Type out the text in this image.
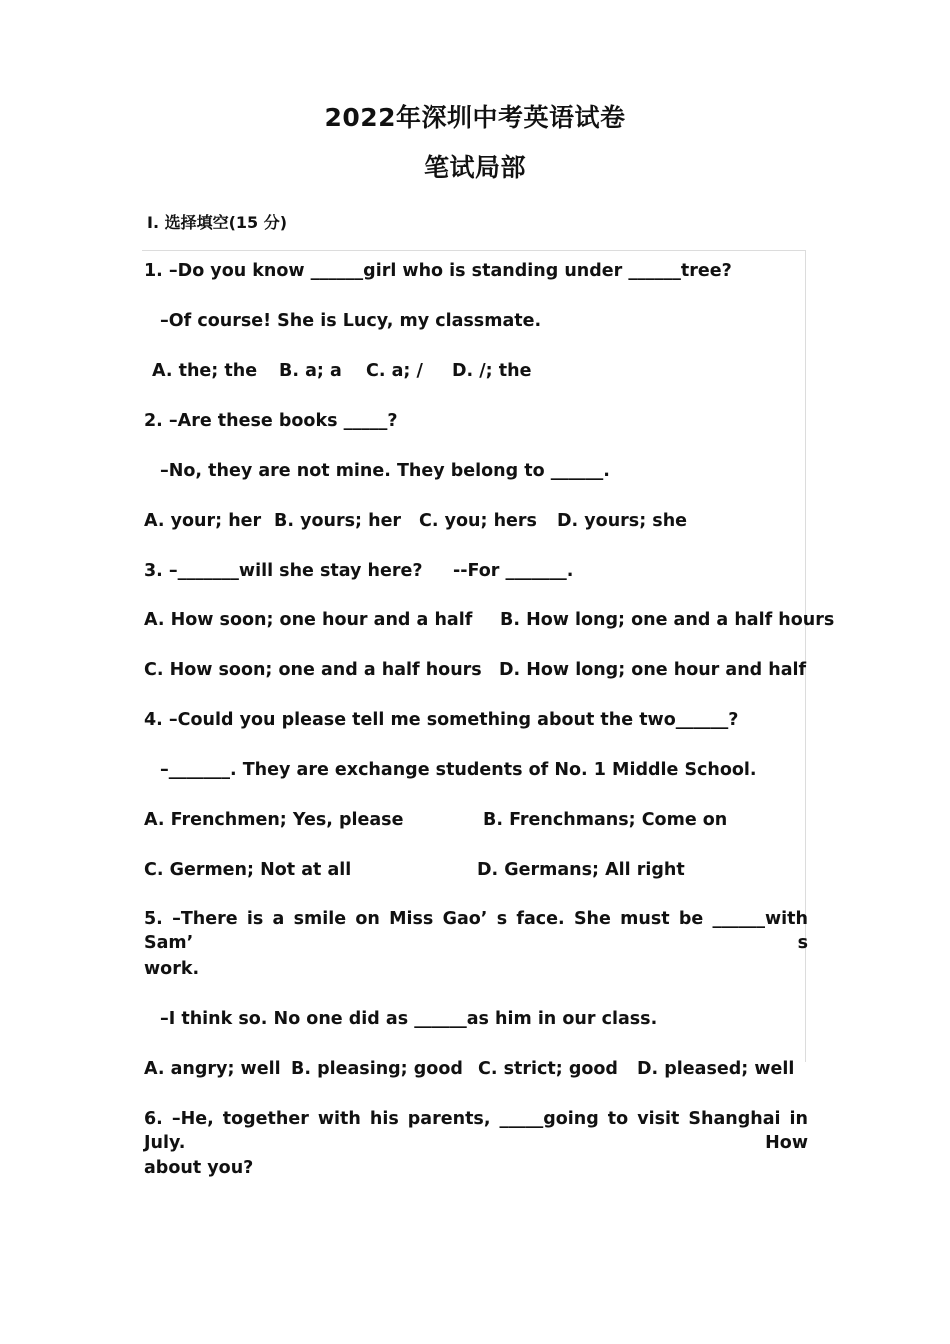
2022年深圳中考英语试卷
笔试局部
Ⅰ. 选择填空(15 分)
1. –Do you know ______girl who is standing under ______tree?
–Of course! She is Lucy, my classmate.
A. the; the B. a; a C. a; / D. /; the
2. –Are these books _____?
–No, they are not mine. They belong to ______.
A. your; her B. yours; her C. you; hers D. yours; she
3. –_______will she stay here?     --For _______.
A. How soon; one hour and a half B. How long; one and a half hours
C. How soon; one and a half hours D. How long; one hour and half
4. –Could you please tell me something about the two______?
–_______. They are exchange students of No. 1 Middle School.
A. Frenchmen; Yes, please	B. Frenchmans; Come on
C. Germen; Not at all	D. Germans; All right
5. –There is a smile on Miss Gao’ s face. She must be ______with Sam’ s
work.
–I think so. No one did as ______as him in our class.
A. angry; well B. pleasing; good C. strict; good D. pleased; well
6. –He, together with his parents, _____going to visit Shanghai in July. How
about you?
